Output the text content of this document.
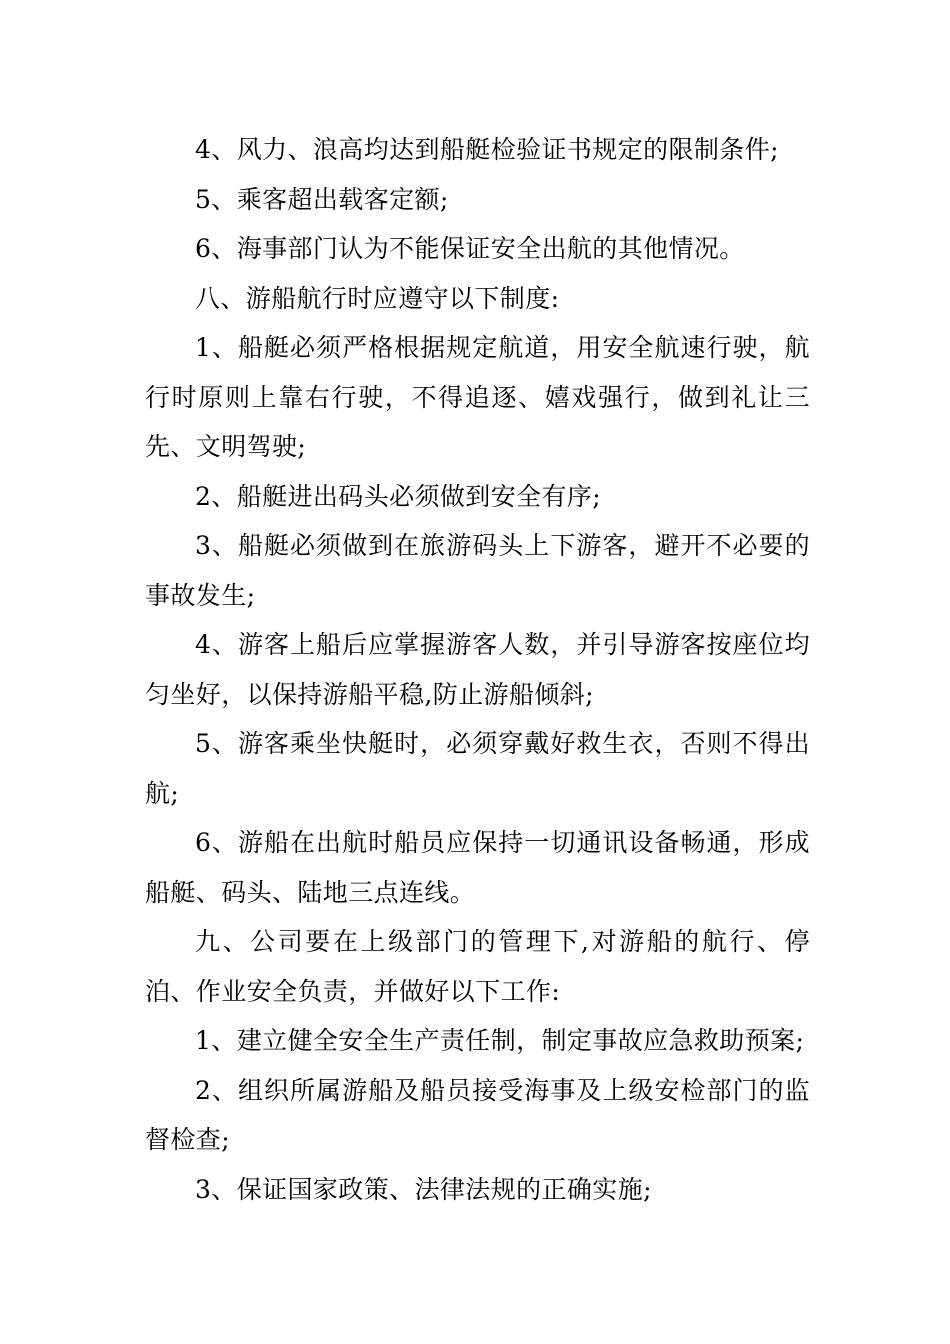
4、风力、浪高均达到船艇检验证书规定的限制条件;

5、乘客超出载客定额;

6、海事部门认为不能保证安全出航的其他情况。

八、游船航行时应遵守以下制度:

1、船艇必须严格根据规定航道，用安全航速行驶，航行时原则上靠右行驶，不得追逐、嬉戏强行，做到礼让三先、文明驾驶;

2、船艇进出码头必须做到安全有序;

3、船艇必须做到在旅游码头上下游客，避开不必要的事故发生;

4、游客上船后应掌握游客人数，并引导游客按座位均匀坐好，以保持游船平稳,防止游船倾斜;

5、游客乘坐快艇时，必须穿戴好救生衣，否则不得出航;

6、游船在出航时船员应保持一切通讯设备畅通，形成船艇、码头、陆地三点连线。

九、公司要在上级部门的管理下,对游船的航行、停泊、作业安全负责，并做好以下工作:

1、建立健全安全生产责任制，制定事故应急救助预案;

2、组织所属游船及船员接受海事及上级安检部门的监督检查;

3、保证国家政策、法律法规的正确实施;
